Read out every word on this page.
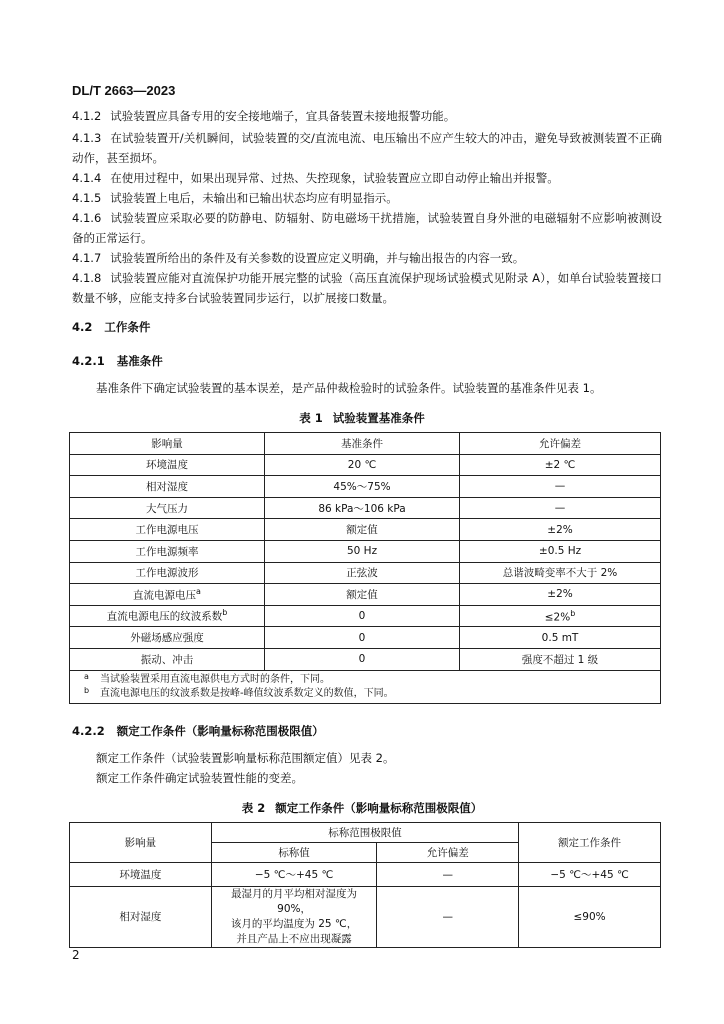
DL/T 2663—2023

4.1.2 试验装置应具备专用的安全接地端子，宜具备装置未接地报警功能。

4.1.3 在试验装置开/关机瞬间，试验装置的交/直流电流、电压输出不应产生较大的冲击，避免导致被测装置不正确动作，甚至损坏。

4.1.4 在使用过程中，如果出现异常、过热、失控现象，试验装置应立即自动停止输出并报警。

4.1.5 试验装置上电后，未输出和已输出状态均应有明显指示。

4.1.6 试验装置应采取必要的防静电、防辐射、防电磁场干扰措施，试验装置自身外泄的电磁辐射不应影响被测设备的正常运行。

4.1.7 试验装置所给出的条件及有关参数的设置应定义明确，并与输出报告的内容一致。

4.1.8 试验装置应能对直流保护功能开展完整的试验（高压直流保护现场试验模式见附录 A），如单台试验装置接口数量不够，应能支持多台试验装置同步运行，以扩展接口数量。

4.2 工作条件

4.2.1 基准条件

基准条件下确定试验装置的基本误差，是产品仲裁检验时的试验条件。试验装置的基准条件见表 1。

表 1 试验装置基准条件

影响量	基准条件	允许偏差
环境温度	20 ℃	±2 ℃
相对湿度	45%～75%	—
大气压力	86 kPa～106 kPa	—
工作电源电压	额定值	±2%
工作电源频率	50 Hz	±0.5 Hz
工作电源波形	正弦波	总谐波畸变率不大于 2%
直流电源电压$^a$	额定值	±2%
直流电源电压的纹波系数$^b$	0	≤2%$^b$
外磁场感应强度	0	0.5 mT
振动、冲击	0	强度不超过 1 级

a 当试验装置采用直流电源供电方式时的条件，下同。
b 直流电源电压的纹波系数是按峰-峰值纹波系数定义的数值，下同。		

4.2.2 额定工作条件（影响量标称范围极限值）

额定工作条件（试验装置影响量标称范围额定值）见表 2。

额定工作条件确定试验装置性能的变差。

表 2 额定工作条件（影响量标称范围极限值）

影响量	标称范围极限值		额定工作条件
	标称值	允许偏差	
环境温度	−5 ℃～+45 ℃	—	−5 ℃～+45 ℃
相对湿度	最湿月的月平均相对湿度为90%，
该月的平均温度为 25 ℃，
并且产品上不应出现凝露	—	≤90%
2
